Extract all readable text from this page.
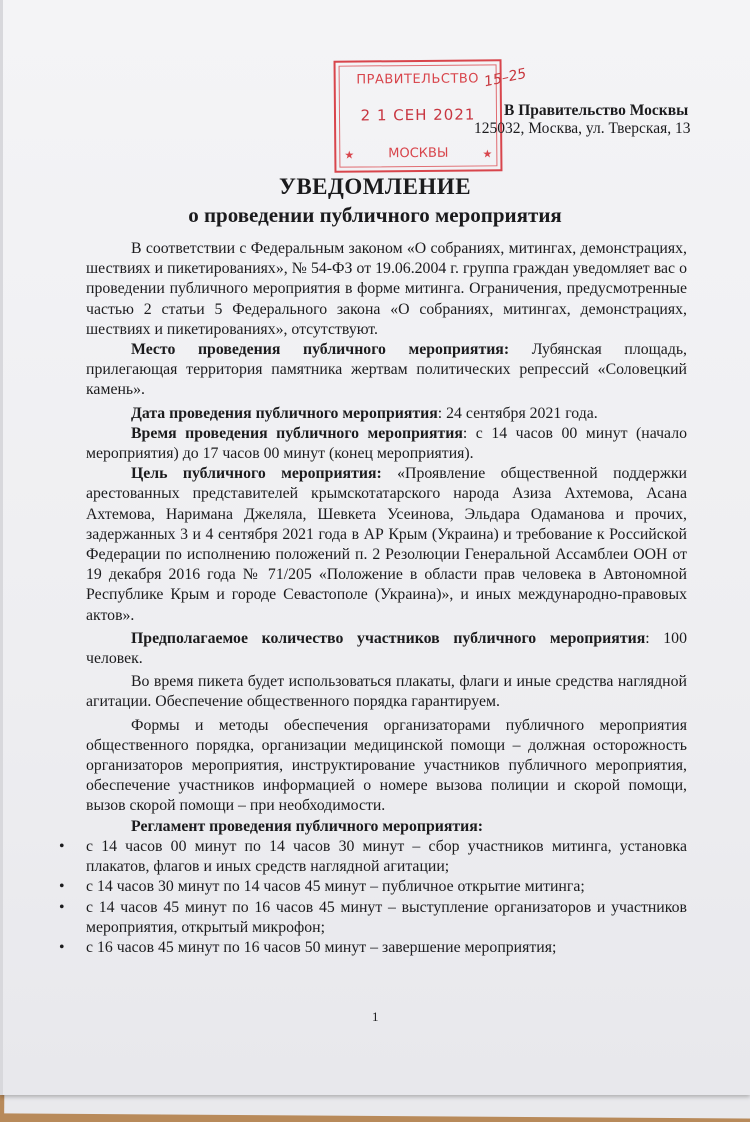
ПРАВИТЕЛЬСТВО
2 1 СЕН 2021
МОСКВЫ
★	★
15–25
В Правительство Москвы
125032, Москва, ул. Тверская, 13
УВЕДОМЛЕНИЕ
о проведении публичного мероприятия

В соответствии с Федеральным законом «О собраниях, митингах, демонстрациях, шествиях и пикетированиях», № 54-ФЗ от 19.06.2004 г. группа граждан уведомляет вас о проведении публичного мероприятия в форме митинга. Ограничения, предусмотренные частью 2 статьи 5 Федерального закона «О собраниях, митингах, демонстрациях, шествиях и пикетированиях», отсутствуют.

Место проведения публичного мероприятия: Лубянская площадь, прилегающая территория памятника жертвам политических репрессий «Соловецкий камень».

Дата проведения публичного мероприятия: 24 сентября 2021 года.

Время проведения публичного мероприятия: с 14 часов 00 минут (начало мероприятия) до 17 часов 00 минут (конец мероприятия).

Цель публичного мероприятия: «Проявление общественной поддержки арестованных представителей крымскотатарского народа Азиза Ахтемова, Асана Ахтемова, Наримана Джеляла, Шевкета Усеинова, Эльдара Одаманова и прочих, задержанных 3 и 4 сентября 2021 года в АР Крым (Украина) и требование к Российской Федерации по исполнению положений п. 2 Резолюции Генеральной Ассамблеи ООН от 19 декабря 2016 года № 71/205 «Положение в области прав человека в Автономной Республике Крым и городе Севастополе (Украина)», и иных международно-правовых актов».

Предполагаемое количество участников публичного мероприятия: 100 человек.

Во время пикета будет использоваться плакаты, флаги и иные средства наглядной агитации. Обеспечение общественного порядка гарантируем.

Формы и методы обеспечения организаторами публичного мероприятия общественного порядка, организации медицинской помощи – должная осторожность организаторов мероприятия, инструктирование участников публичного мероприятия, обеспечение участников информацией о номере вызова полиции и скорой помощи, вызов скорой помощи – при необходимости.

Регламент проведения публичного мероприятия:

• с 14 часов 00 минут по 14 часов 30 минут – сбор участников митинга, установка плакатов, флагов и иных средств наглядной агитации;
• с 14 часов 30 минут по 14 часов 45 минут – публичное открытие митинга;
• с 14 часов 45 минут по 16 часов 45 минут – выступление организаторов и участников мероприятия, открытый микрофон;
• с 16 часов 45 минут по 16 часов 50 минут – завершение мероприятия;
1
